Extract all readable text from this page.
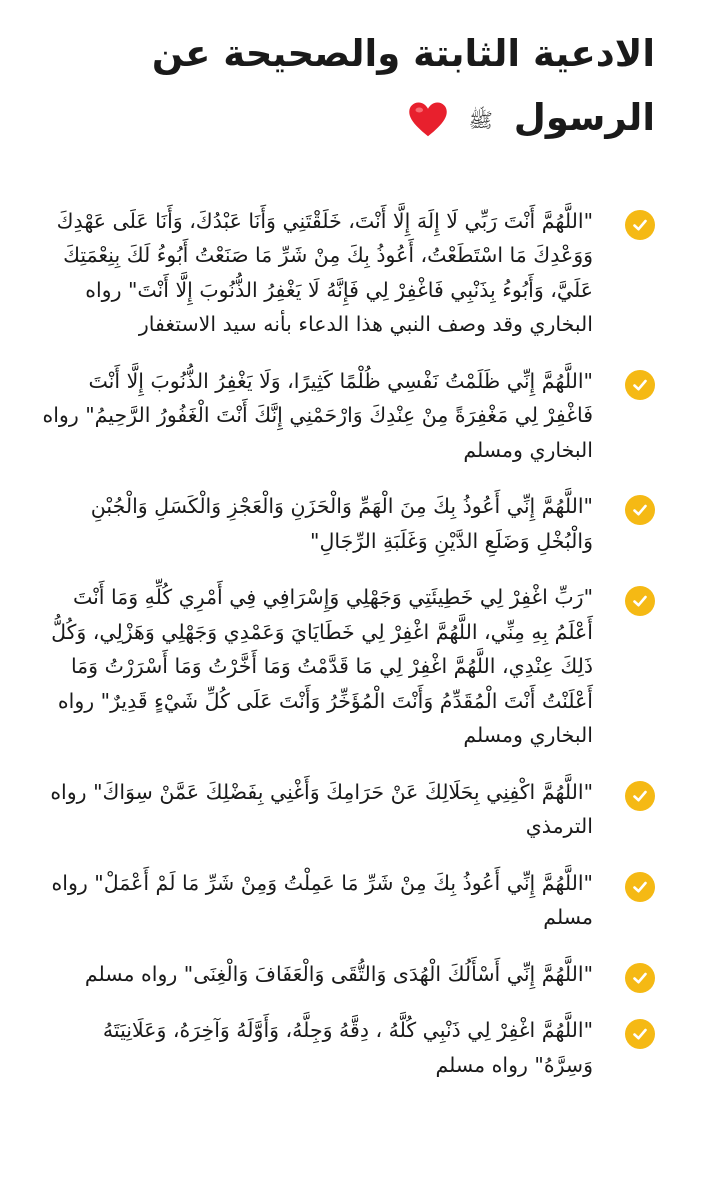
الادعية الثابتة والصحيحة عن
الرسول ﷺ

"اللَّهُمَّ أَنْتَ رَبِّي لَا إِلَهَ إِلَّا أَنْتَ، خَلَقْتَنِي وَأَنَا عَبْدُكَ، وَأَنَا عَلَى عَهْدِكَ وَوَعْدِكَ مَا اسْتَطَعْتُ، أَعُوذُ بِكَ مِنْ شَرِّ مَا صَنَعْتُ أَبُوءُ لَكَ بِنِعْمَتِكَ عَلَيَّ، وَأَبُوءُ بِذَنْبِي فَاغْفِرْ لِي فَإِنَّهُ لَا يَغْفِرُ الذُّنُوبَ إِلَّا أَنْتَ" رواه البخاري وقد وصف النبي هذا الدعاء بأنه سيد الاستغفار

"اللَّهُمَّ إِنِّي ظَلَمْتُ نَفْسِي ظُلْمًا كَثِيرًا، وَلَا يَغْفِرُ الذُّنُوبَ إِلَّا أَنْتَ فَاغْفِرْ لِي مَغْفِرَةً مِنْ عِنْدِكَ وَارْحَمْنِي إِنَّكَ أَنْتَ الْغَفُورُ الرَّحِيمُ" رواه البخاري ومسلم

"اللَّهُمَّ إِنِّي أَعُوذُ بِكَ مِنَ الْهَمِّ وَالْحَزَنِ وَالْعَجْزِ وَالْكَسَلِ وَالْجُبْنِ وَالْبُخْلِ وَضَلَعِ الدَّيْنِ وَغَلَبَةِ الرِّجَالِ"

"رَبِّ اغْفِرْ لِي خَطِيئَتِي وَجَهْلِي وَإِسْرَافِي فِي أَمْرِي كُلِّهِ وَمَا أَنْتَ أَعْلَمُ بِهِ مِنِّي، اللَّهُمَّ اغْفِرْ لِي خَطَايَايَ وَعَمْدِي وَجَهْلِي وَهَزْلِي، وَكُلُّ ذَلِكَ عِنْدِي، اللَّهُمَّ اغْفِرْ لِي مَا قَدَّمْتُ وَمَا أَخَّرْتُ وَمَا أَسْرَرْتُ وَمَا أَعْلَنْتُ أَنْتَ الْمُقَدِّمُ وَأَنْتَ الْمُؤَخِّرُ وَأَنْتَ عَلَى كُلِّ شَيْءٍ قَدِيرٌ" رواه البخاري ومسلم

"اللَّهُمَّ اكْفِنِي بِحَلَالِكَ عَنْ حَرَامِكَ وَأَغْنِي بِفَضْلِكَ عَمَّنْ سِوَاكَ" رواه الترمذي

"اللَّهُمَّ إِنِّي أَعُوذُ بِكَ مِنْ شَرِّ مَا عَمِلْتُ وَمِنْ شَرِّ مَا لَمْ أَعْمَلْ" رواه مسلم

"اللَّهُمَّ إِنِّي أَسْأَلُكَ الْهُدَى وَالتُّقَى وَالْعَفَافَ وَالْغِنَى" رواه مسلم

"اللَّهُمَّ اغْفِرْ لِي ذَنْبِي كُلَّهُ ، دِقَّهُ وَجِلَّهُ، وَأَوَّلَهُ وَآخِرَهُ، وَعَلَانِيَتَهُ وَسِرَّهُ" رواه مسلم
